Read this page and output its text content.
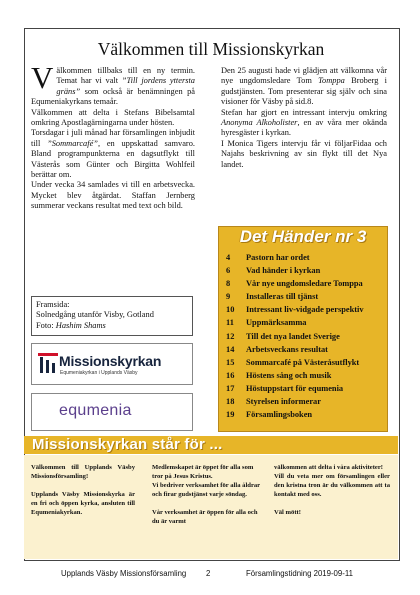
Välkommen till Missionskyrkan

Välkommen tillbaks till en ny termin. Temat har vi valt ”Till jordens yttersta gräns” som också är benämningen på Equmeniakyrkans temaår.

Välkommen att delta i Stefans Bibelsamtal omkring Apostlagärningarna under hösten.

Torsdagar i juli månad har församlingen inbjudit till ”Sommarcafé”, en uppskattad samvaro. Bland programpunkterna en dagsutflykt till Västerås som Günter och Birgitta Wohlfeil berättar om.

Under vecka 34 samlades vi till en arbetsvecka. Mycket blev åtgärdat. Staffan Jernberg summerar veckans resultat med text och bild.

Den 25 augusti hade vi glädjen att välkomna vår nye ungdomsledare Tom Tomppa Broberg i gudstjänsten. Tom presenterar sig själv och sina visioner för Väsby på sid.8.

Stefan har gjort en intressant intervju omkring Anonyma Alkoholister, en av våra mer okända hyresgäster i kyrkan.

I Monica Tigers intervju får vi följarFidaa och Najahs beskrivning av sin flykt till det Nya landet.

Framsida:
Solnedgång utanför Visby, Gotland
Foto: Hashim Shams
Missionskyrkan
Equmeniakyrkan i Upplands Väsby
equmenia
Det Händer nr 3
4	Pastorn har ordet
6	Vad händer i kyrkan
8	Vår nye ungdomsledare Tomppa
9	Installeras till tjänst
10	Intressant liv-vidgade perspektiv
11	Uppmärksamma
12	Till det nya landet Sverige
14	Arbetsveckans resultat
15	Sommarcafé på Västeråsutflykt
16	Höstens sång och musik
17	Höstuppstart för equmenia
18	Styrelsen informerar
19	Församlingsboken
Missionskyrkan står för ...

Välkommen till Upplands Väsby Missionsförsamling!

Upplands Väsby Missionskyrka är en fri och öppen kyrka, ansluten till Equmeniakyrkan.

Medlemskapet är öppet för alla som tror på Jesus Kristus.

Vi bedriver verksamhet för alla åldrar och firar gudstjänst varje söndag.

Vår verksamhet är öppen för alla och du är varmt

välkommen att delta i våra aktiviteter!

Vill du veta mer om församlingen eller den kristna tron är du välkommen att ta kontakt med oss.

Väl mött!

Upplands Väsby Missionsförsamling	2	Församlingstidning 2019-09-11
